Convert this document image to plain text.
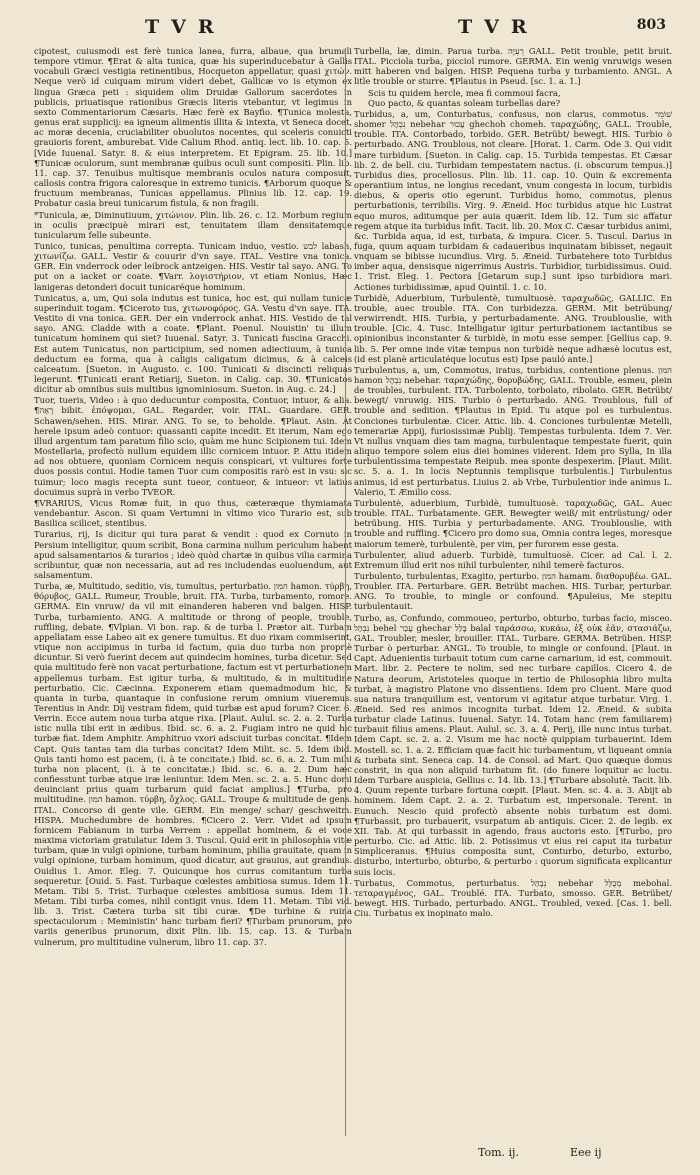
TVR	TVR	803

cipotest, cuiusmodi est ferè tunica lanea, furra, albaue, qua brumali tempore vtimur. ¶Erat & alta tunica, quæ his superinducebatur à Gallis vocabuli Græci vestigia retinentibus, Hocqueton appellatur, quasi χιτών. Neque verò id cuiquam mirum videri debet, Gallicæ vo is etymon ex lingua Græca peti : siquidem olim Druidæ Gallorum sacerdotes in publicis, priuatisque rationibus Græcis literis vtebantur, vt legimus in sexto Commentariorum Cæsaris. Hæc ferè ex Bayfio. ¶Tunica molesta, genus erat supplicij: ea igneum alimentis illita & intexta, vt Seneca docet, ac moræ decenia, cruciabiliter obuolutos nocentes, qui sceleris conuicti grauioris forent, amburebat. Vide Calium Rhod. antiq. lect. lib. 10. cap. 5. [Vide Iuuenal. Satyr. 8. & eius interpretem. Et Epigram. 25. lib. 10.] ¶Tunicæ oculorum, sunt membranæ quibus oculi sunt compositi. Plin. lib. 11. cap. 37. Tenuibus multisque membranis oculos natura composuit, callosis contra frigora caloresque in extremo tunicis. ¶Arborum quoque & fructuum membranas, Tunicas appellamus. Plinius lib. 12. cap. 19. Probatur casia breui tunicarum fistula, & non fragili.

*Tunicula, æ, Diminutiuum, χιτώνιον. Plin. lib. 26. c. 12. Morbum regium in oculis præcipuè mirari est, tenuitatem illam densitatemque tunicularum felle subeunte.

Tunico, tunicas, penultima correpta. Tunicam induo, vestio. לבש labash, χιτωνίζω. GALL. Vestir & couurir d'vn saye. ITAL. Vestire vna tonica. GER. Ein vnderrock oder leibrock antzeigen. HIS. Vestir tal sayo. ANG. To put on a iacket or coate. ¶Varr. λογιστήριον, vt etiam Nonius, Hæc lanigeras detonderi docuit tunicaréque hominum.

Tunicatus, a, um, Qui sola indutus est tunica, hoc est, qui nullam tunicæ superinduit togam. ¶Ciceroto tus, χιτωνοφόρος. GA. Vestu d'vn saye. ITA. Vestito di vna tonica. GER. Der ein vnderrock anhat. HIS. Vestido de tal sayo. ANG. Cladde with a coate. ¶Plant. Poenul. Nouistin' tu illum tunicatum hominem qui siet? Iuuenal. Satyr. 3. Tunicati fuscina Gracchi. Est autem Tunicatus, non participium, sed nomen adiectiuum, à tunica deductum ea forma, qua à caligis caligatum dicimus, & à calceis calceatum. [Sueton. in Augusto. c. 100. Tunicati & discincti reliquas legerunt. ¶Tunicati erant Retiarij, Sueton. in Calig. cap. 30. ¶Tunicatos dicitur ab omnibus suis multibus ignominiosum. Sueton. in Aug. c. 24.]

Tuor, tueris, Video : à quo deducuntur composita, Contuor, intuor, & alia. ¶רָאָה bibit. ἐπόψομαι, GAL. Regarder, voir. ITAL. Guardare. GER. Schawen/sehen. HIS. Mirar. ANG. To se, to beholde. ¶Plaut. Asin. At herele ipsum adeò contuor: quassanti capite incedit. Et iterum, Nam ego illud argentum tam paratum filio scio, quàm me hunc Scipionem tui. Idem Mostellaria, profectò nullum equidem illic cornicem intuor. P. Attu itidem ad nos obtuere, quoniam Cornicem nequis conspicari, vt vultures forte duos possis contui. Hodie tamen Tuor cum compositis rarò est in vsu: sic tuimur; loco magis recepta sunt tueor, contueor, & intueor: vt latius docuimus suprà in verbo TVEOR.

¶VRARIUS, Vicus Romæ fuit, in quo thus, cæteræque thymiamata vendebantur. Ascon. Si quam Vertumni in vltimo vico Turario est, sub Basilica scilicet, stentibus.

Turarius, rij, Is dicitur qui tura parat & vendit : quod ex Cornuto in Persium intelligitur, quum scribit, Bona carmina nullum periculum habent apud salsamentarios & turarios ; ideò quòd chartæ in quibus vilia carmina scribuntur, quæ non necessaria, aut ad res includendas euoluendum, aut salsamentum.

Turba, æ, Multitudo, seditio, vis, tumultus, perturbatio. המון hamon. τύρβη, θόρυβος, GALL. Rumeur, Trouble, bruit. ITA. Turba, turbamento, romore. GERMA. Ein vnruw/ da vil mit einanderen haberen vnd balgen. HISP. Turba, turbamiento. ANG. A multitude or throng of people, trouble, ruffling, debate. ¶Vlpian. Vi bon. rap. & de turba l. Prætor ait. Turbam appellatam esse Labeo ait ex genere tumultus. Et duo rixam commiserint, vtique non accipimus in turba id factum, quia duo turba non propriè dicuntur. Si verò fuerint decem aut quindecim homines, turba dicetur. Sed quia multitudo ferè non vacat perturbatione, factum est vt perturbationem appellemus turbam. Est igitur turba, & multitudo, & in multitudine perturbatio. Cic. Cæcinna. Exponerem etiam quemadmodum hic, & quanta in turba, quantaque in confusione rerum omnium viueremus. Terentius in Andr. Dij vestram fidem, quid turbæ est apud forum? Cicer. 6. Verrin. Ecce autem noua turba atque rixa. [Plaut. Aulul. sc. 2. a. 2. Turba istic nulla tibi erit in ædibus. Ibid. sc. 6. a. 2. Fugiam intro ne quid hic turbæ fiat. Idem Amphitr. Amphitruo vxori adsciuit turbas concitat. ¶Idem Capt. Quis tantas tam dia turbas concitat? Idem Milit. sc. 5. Idem ibid. Quis tanti homo est pacem, (i. à te concitate.) Ibid. sc. 6. a. 2. Tum mihi turba non placent, (i. à te concitatæ.) Ibid. sc. 6. a. 2. Dum hæc confiesstunt turbæ atque iræ leniuntur. Idem Men. sc. 2. a. 5. Hunc domi deuinciant prius quam turbarum quid faciat amplius.] ¶Turba, pro multitudine. המון hamon. τύρβη, ὄχλος. GALL. Troupe & multitude de gens. ITAL. Concorso di gente vile. GERM. Ein menge/ schar/ geschweitm. HISPA. Muchedumbre de hombres. ¶Cicero 2. Verr. Videt ad ipsum fornicem Fabianum in turba Verrem : appellat hominem, & ei voce maxima victoriam gratulatur. Idem 3. Tuscul. Quid erit in philosophia vitæ turbam, quæ in vulgi opinione, turbam hominum, philia grauitate, quam in vulgi opinione, turbam hominum, quod dicatur, aut grauius, aut grandius. Ouidius 1. Amor. Eleg. 7. Quicunque hos currus comitantum turba sequeretur. [Ouid. 5. Fast. Turbaque cœlestes ambitiosa sumus. Idem 11. Metam. Tibi 5. Trist. Turbaque cœlestes ambitiosa sumus. Idem 11. Metam. Tibi turba comes, nihil contigit vnus. Idem 11. Metam. Tibi vid. lib. 3. Trist. Cætera turba sit tibi curæ. ¶De turbine & ruina spectaculorum : Meministin' hanc turbam fieri? ¶Turbam prunorum, pro variis generibus prunorum, dixit Plin. lib. 15. cap. 13. & Turbam vulnerum, pro multitudine vulnerum, libro 11. cap. 37.

Turbella, læ, dimin. Parua turba. רְעִיָּה GALL. Petit trouble, petit bruit. ITAL. Picciola turba, picciol rumore. GERMA. Ein wenig vnruwigs wesen mitt haberen vnd balgen. HISP. Pequena turba y turbamiento. ANGL. A litle trouble or sturre. ¶Plautus in Pseud. [sc. 1. a. 1.]

Scis tu quidem hercle, mea fi commoui facra,
Quo pacto, & quantas soleam turbellas dare?

Turbidus, a, um, Conturbatus, confusus, non clarus, commotus. שׁוֹמֵר shomer נִבְהָל nebehar עָכוּר ghechoh chomeh. ταραχώδης, GALL. Trouble, trouble. ITA. Contorbado, torbido. GER. Betrübt/ bewegt. HIS. Turbio ò perturbado. ANG. Troublous, not cleare. [Horat. 1. Carm. Ode 3. Qui vidit mare turbidum. [Sueton. in Calig. cap. 15. Turbida tempestas. Et Cæsar lib. 2. de bell. ciu. Turbidam tempestatem nactus. (i. obscurum tempus.)] Turbidus dies, procellosus. Plin. lib. 11. cap. 10. Quin & excrementa operantium intus, ne longius recedant, vnum congesta in locum, turbidis diebus, & operis otio egerunt. Turbidus homo, commotus, plenus perturbationis, terribilis. Virg. 9. Æneid. Hoc turbidus atque hic Lustrat equo muros, aditumque per auia quærit. Idem lib. 12. Tum sic affatur regem atque ita turbidus infit. Tacit. lib. 20. Mox C. Cæsar turbidus animi, &c. Turbida aqua, id est, turbata, & impura. Cicer. 5. Tuscul. Darius in fuga, quum aquam turbidam & cadaueribus inquinatam bibisset, negauit vnquam se bibisse iucundius. Virg. 5. Æneid. Turbatehere toto Turbidus imber aqua, densisque nigerrimus Austris. Turbidior, turbidissimus. Ouid. 1. Trist. Eleg. 1. Pectora [Getarum sup.] sunt ipso turbidiora mari. Actiones turbidissimæ, apud Quintil. 1. c. 10.

Turbidè, Aduerbium, Turbulentè, tumultuosè. ταραχωδῶς, GALLIC. En trouble, auec trouble. ITA. Con turbidezza. GERM. Mit betrübung/ verwirrendt. HIS. Turbia, y perturbadamente. ANG. Troublouslie, with trouble. [Cic. 4. Tusc. Intelligatur igitur perturbationem iactantibus se opinionibus inconstanter & turbidè, in motu esse semper. [Gellius cap. 9. lib. 5. Per omne inde vitæ tempus non turbidè neque adhæsè locutus est, (id est planè articulatéque locutus est) Ipse pauló ante.]

Turbulentus, a, um, Commotus, iratus, turbidus, contentione plenus. המון hamon נִבְהָל nebehar. ταραχώδης, θορυβώδης, GALL. Trouble, esmeu, plein de troubles, turbulent. ITA. Turbolento, torbolato, ribolato. GER. Betrübt/ bewegt/ vnruwig. HIS. Turbio ò perturbado. ANG. Troublous, full of trouble and sedition. ¶Plautus in Epid. Tu atque pol es turbulentus. Conciones turbulentæ. Cicer. Attic. lib. 4. Conciones turbulentæ Metelli, temerariæ Appij, furiosissimæ Publij. Tempestas turbulenta. Idem 7. Ver. Vt nullus vnquam dies tam magna, turbulentaque tempestate fuerit, quin aliquo tempore solem eius diei homines viderent. Idem pro Sylla, In illa turbulentissima tempestate Reipub. mea sponte despexerim. [Plaut. Milit. sc. 5. a. 1. In locis Neptunnis templisque turbulentis.] Turbulentus animus, id est perturbatus. Liuius 2. ab Vrbe, Turbulentior inde animus L. Valerio, T. Æmilio coss.

Turbulentè, aduerbium, Turbidè, tumultuosè. ταραχωδῶς, GAL. Auec trouble. ITAL. Turbatamente. GER. Bewegter weiß/ mit entrüstung/ oder betrübung. HIS. Turbia y perturbadamente. ANG. Troublouslie, with trouble and ruffling. ¶Cicero pro domo sua, Omnia contra leges, moresque maiorum temerè, turbulentè, per vim, per furorem esse gesta.

Turbulenter, aliud aduerb. Turbidè, tumultuosè. Cicer. ad Cal. l. 2. Extremum illud erit nos nihil turbulenter, nihil temerè facturos.

Turbulento, turbulentas, Exagito, perturbo. המון hamam. διαθορυβέω. GAL. Troubler. ITA. Perturbare. GER. Betrübt machen. HIS. Turbar, perturbar. ANG. To trouble, to mingle or confound. ¶Apuleius, Me stepitu turbulentauit.

Turbo, as, Confundo, commoueo, perturbo, obturbo, turbas facio, misceo. נִבְהַל behel עָכַר ghechar בָּלַל balal ταράσσω, κυκάω, ἐξ οὐκ ἐᾶν, στασιάζω, GAL. Troubler, mesler, brouiller. ITAL. Turbare. GERMA. Betrüben. HISP. Turbar ò perturbar. ANGL. To trouble, to mingle or confound. [Plaut. in Capt. Aduenientis turbauit totum cum carne carnarium, id est, commouit. Mart. libr. 2. Pectere te nolim, sed nec turbare capillos. Cicero 4. de Natura deorum, Aristoteles quoque in tertio de Philosophia libro multa turbat, à magistro Platone vno dissentiens. Idem pro Cluent. Mare quod sua natura tranquillum est, ventorum vi agitatur atque turbatur. Virg. 1. Æneid. Sed res animos incognita turbat. Idem 12. Æneid. & subita turbatur clade Latinus. Iuuenal. Satyr. 14. Totam hanc (rem familiarem) turbauit filius amens. Plaut. Aulul. sc. 3. a. 4. Perij, ille nunc intus turbat. Idem Capt. sc. 2. a. 2. Visum me hac noctè quippiam turbauerint. Idem Mostell. sc. 1. a. 2. Efficiam quæ facit hic turbamentum, vt liqueant omnia & turbata sint. Seneca cap. 14. de Consol. ad Mart. Quo quæque domus constrit, in qua non aliquid turbatum fit. (do funere loquitur ac luctu. Idem Turbare auspicia, Gellius c. 14. lib. 13.] ¶Turbare absolutè. Tacit. lib. 4. Quum repente turbare fortuna cœpit. [Plaut. Men. sc. 4. a. 3. Abijt ab hominem. Idem Capt. 2. a. 2. Turbatum est, impersonale. Terent. in Eunuch. Nescio quid profectò absente nobis turbatum est domi. ¶Turbassit, pro turbauerit, vsurpatum ab antiquis. Cicer. 2. de legib. ex XII. Tab. At qui turbassit in agendo, fraus auctoris esto. [¶Turbo, pro perturbo. Cic. ad Attic. lib. 2. Potissimus vt eius rei caput ita turbatur Simpliceranus. ¶Huius composita sunt, Conturbo, deturbo, exturbo, disturbo, interturbo, obturbo, & perturbo : quorum significata explicantur suis locis.

Turbatus, Commotus, perturbatus. נִבְהַל nebehar מְבֻלָּל mebohal. τεταραγμένος, GAL. Troublé. ITA. Turbato, smosso. GER. Betrübet/ bewegt. HIS. Turbado, perturbado. ANGL. Troubled, vexed. [Cas. 1. bell. Ciu. Turbatus ex inopinato malo.

Tom. ij.	Eee ij
